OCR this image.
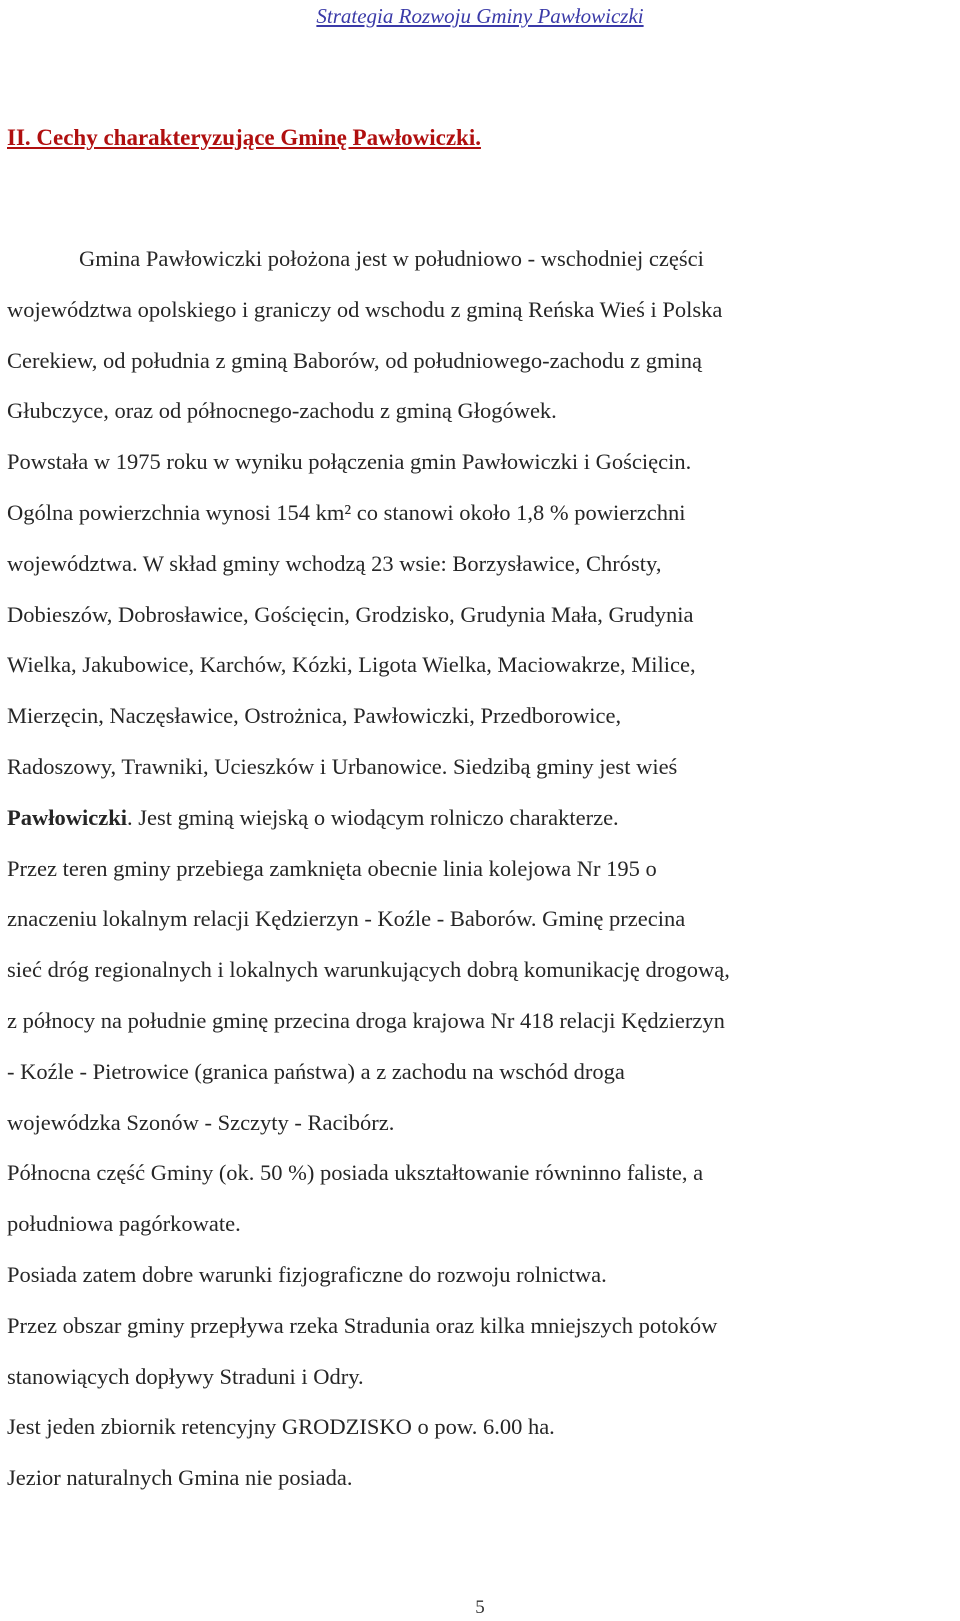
Strategia Rozwoju Gminy Pawłowiczki
II. Cechy charakteryzujące Gminę Pawłowiczki.
Gmina Pawłowiczki położona jest w południowo - wschodniej części
województwa opolskiego i graniczy od wschodu z gminą Reńska Wieś i Polska
Cerekiew, od południa z gminą Baborów, od południowego-zachodu z gminą
Głubczyce, oraz od północnego-zachodu z gminą Głogówek.
Powstała w 1975 roku w wyniku połączenia gmin Pawłowiczki i Gościęcin.
Ogólna powierzchnia wynosi 154 km² co stanowi około 1,8 % powierzchni
województwa. W skład gminy wchodzą 23 wsie: Borzysławice, Chrósty,
Dobieszów, Dobrosławice, Gościęcin, Grodzisko, Grudynia Mała, Grudynia
Wielka, Jakubowice, Karchów, Kózki, Ligota Wielka, Maciowakrze, Milice,
Mierzęcin, Naczęsławice, Ostrożnica, Pawłowiczki, Przedborowice,
Radoszowy, Trawniki, Ucieszków i Urbanowice. Siedzibą gminy jest wieś
Pawłowiczki. Jest gminą wiejską o wiodącym rolniczo charakterze.
Przez teren gminy przebiega zamknięta obecnie linia kolejowa Nr 195 o
znaczeniu lokalnym relacji Kędzierzyn - Koźle - Baborów. Gminę przecina
sieć dróg regionalnych i lokalnych warunkujących dobrą komunikację drogową,
z północy na południe gminę przecina droga krajowa Nr 418 relacji Kędzierzyn
- Koźle - Pietrowice (granica państwa) a z zachodu na wschód droga
wojewódzka Szonów - Szczyty - Racibórz.
Północna część Gminy (ok. 50 %) posiada ukształtowanie równinno faliste, a
południowa pagórkowate.
Posiada zatem dobre warunki fizjograficzne do rozwoju rolnictwa.
Przez obszar gminy przepływa rzeka Stradunia oraz kilka mniejszych potoków
stanowiących dopływy Straduni i Odry.
Jest jeden zbiornik retencyjny GRODZISKO o pow. 6.00 ha.
Jezior naturalnych Gmina nie posiada.
5
